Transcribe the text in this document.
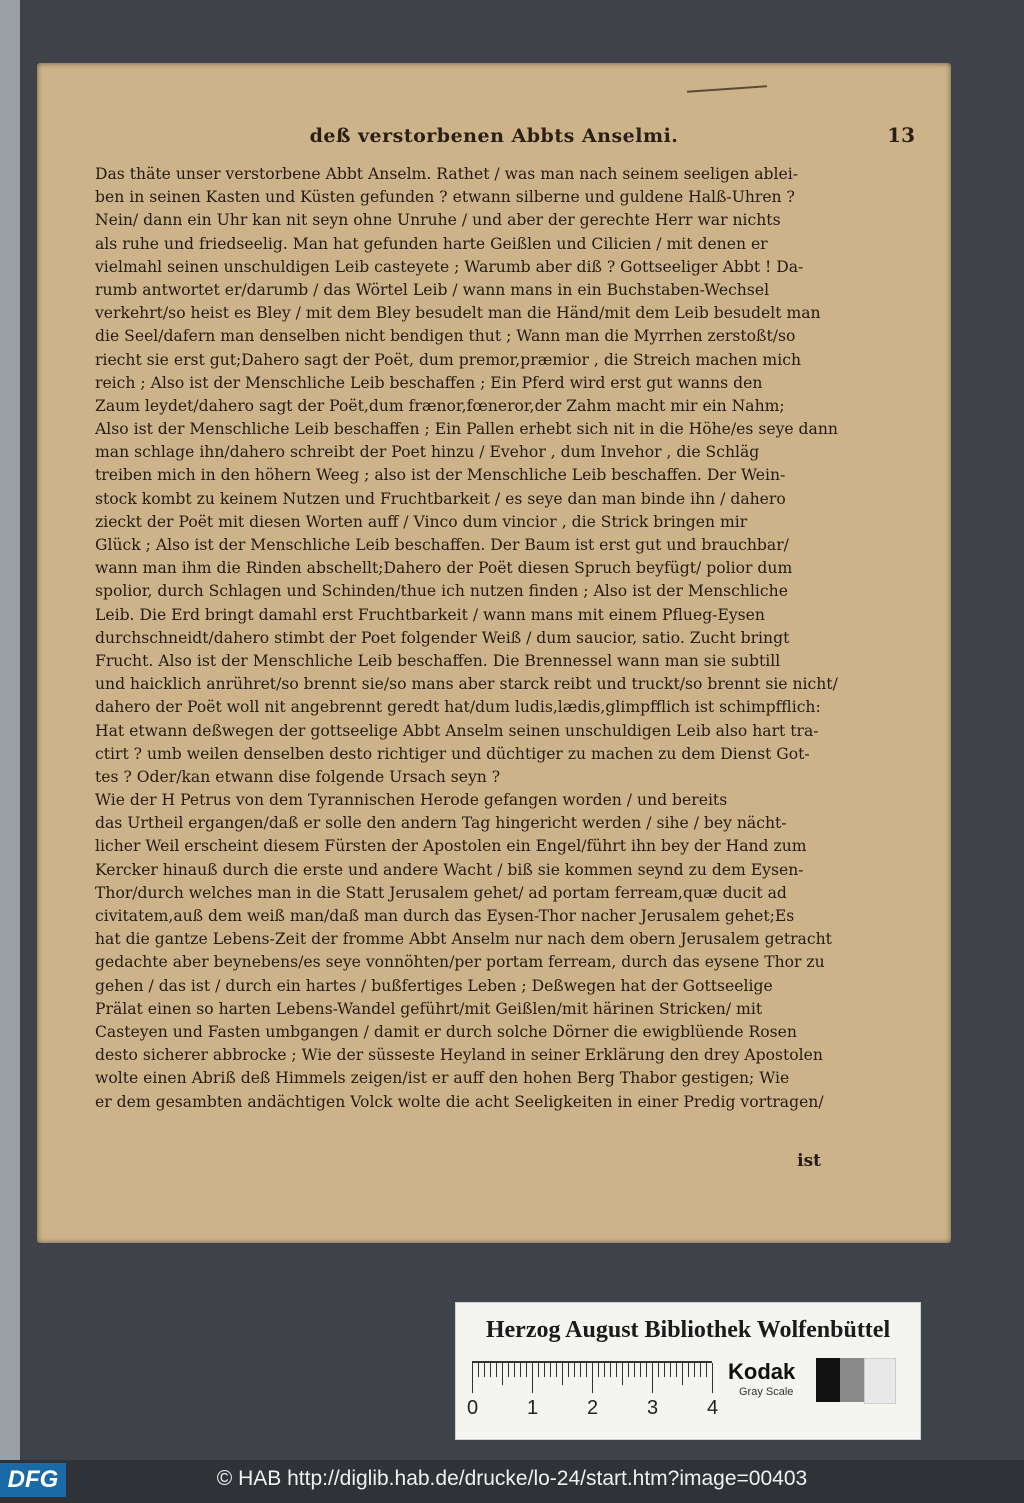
deß verstorbenen Abbts Anselmi.	13
Das thäte unser verstorbene Abbt Anselm. Rathet / was man nach seinem seeligen ablei-
ben in seinen Kasten und Küsten gefunden ? etwann silberne und guldene Halß-Uhren ?
Nein/ dann ein Uhr kan nit seyn ohne Unruhe / und aber der gerechte Herr war nichts
als ruhe und friedseelig. Man hat gefunden harte Geißlen und Cilicien / mit denen er
vielmahl seinen unschuldigen Leib casteyete ; Warumb aber diß ? Gottseeliger Abbt ! Da-
rumb antwortet er/darumb / das Wörtel Leib / wann mans in ein Buchstaben-Wechsel
verkehrt/so heist es Bley / mit dem Bley besudelt man die Händ/mit dem Leib besudelt man
die Seel/dafern man denselben nicht bendigen thut ; Wann man die Myrrhen zerstoßt/so
riecht sie erst gut;Dahero sagt der Poët, dum premor,præmior , die Streich machen mich
reich ; Also ist der Menschliche Leib beschaffen ; Ein Pferd wird erst gut wanns den
Zaum leydet/dahero sagt der Poët,dum frænor,fœneror,der Zahm macht mir ein Nahm;
Also ist der Menschliche Leib beschaffen ; Ein Pallen erhebt sich nit in die Höhe/es seye dann
man schlage ihn/dahero schreibt der Poet hinzu / Evehor , dum Invehor , die Schläg
treiben mich in den höhern Weeg ; also ist der Menschliche Leib beschaffen. Der Wein-
stock kombt zu keinem Nutzen und Fruchtbarkeit / es seye dan man binde ihn / dahero
zieckt der Poët mit diesen Worten auff / Vinco dum vincior , die Strick bringen mir
Glück ; Also ist der Menschliche Leib beschaffen. Der Baum ist erst gut und brauchbar/
wann man ihm die Rinden abschellt;Dahero der Poët diesen Spruch beyfügt/ polior dum
spolior, durch Schlagen und Schinden/thue ich nutzen finden ; Also ist der Menschliche
Leib. Die Erd bringt damahl erst Fruchtbarkeit / wann mans mit einem Pflueg-Eysen
durchschneidt/dahero stimbt der Poet folgender Weiß / dum saucior, satio. Zucht bringt
Frucht. Also ist der Menschliche Leib beschaffen. Die Brennessel wann man sie subtill
und haicklich anrühret/so brennt sie/so mans aber starck reibt und truckt/so brennt sie nicht/
dahero der Poët woll nit angebrennt geredt hat/dum ludis,lædis,glimpfflich ist schimpfflich:
Hat etwann deßwegen der gottseelige Abbt Anselm seinen unschuldigen Leib also hart tra-
ctirt ? umb weilen denselben desto richtiger und düchtiger zu machen zu dem Dienst Got-
tes ? Oder/kan etwann dise folgende Ursach seyn ?
Wie der H Petrus von dem Tyrannischen Herode gefangen worden / und bereits
das Urtheil ergangen/daß er solle den andern Tag hingericht werden / sihe / bey nächt-
licher Weil erscheint diesem Fürsten der Apostolen ein Engel/führt ihn bey der Hand zum
Kercker hinauß durch die erste und andere Wacht / biß sie kommen seynd zu dem Eysen-
Thor/durch welches man in die Statt Jerusalem gehet/ ad portam ferream,quæ ducit ad
civitatem,auß dem weiß man/daß man durch das Eysen-Thor nacher Jerusalem gehet;Es
hat die gantze Lebens-Zeit der fromme Abbt Anselm nur nach dem obern Jerusalem getracht
gedachte aber beynebens/es seye vonnöhten/per portam ferream, durch das eysene Thor zu
gehen / das ist / durch ein hartes / bußfertiges Leben ; Deßwegen hat der Gottseelige
Prälat einen so harten Lebens-Wandel geführt/mit Geißlen/mit härinen Stricken/ mit
Casteyen und Fasten umbgangen / damit er durch solche Dörner die ewigblüende Rosen
desto sicherer abbrocke ; Wie der süsseste Heyland in seiner Erklärung den drey Apostolen
wolte einen Abriß deß Himmels zeigen/ist er auff den hohen Berg Thabor gestigen; Wie
er dem gesambten andächtigen Volck wolte die acht Seeligkeiten in einer Predig vortragen/
ist
Herzog August Bibliothek Wolfenbüttel
0 1 2 3 4
Kodak
Gray Scale
DFG	© HAB http://diglib.hab.de/drucke/lo-24/start.htm?image=00403
